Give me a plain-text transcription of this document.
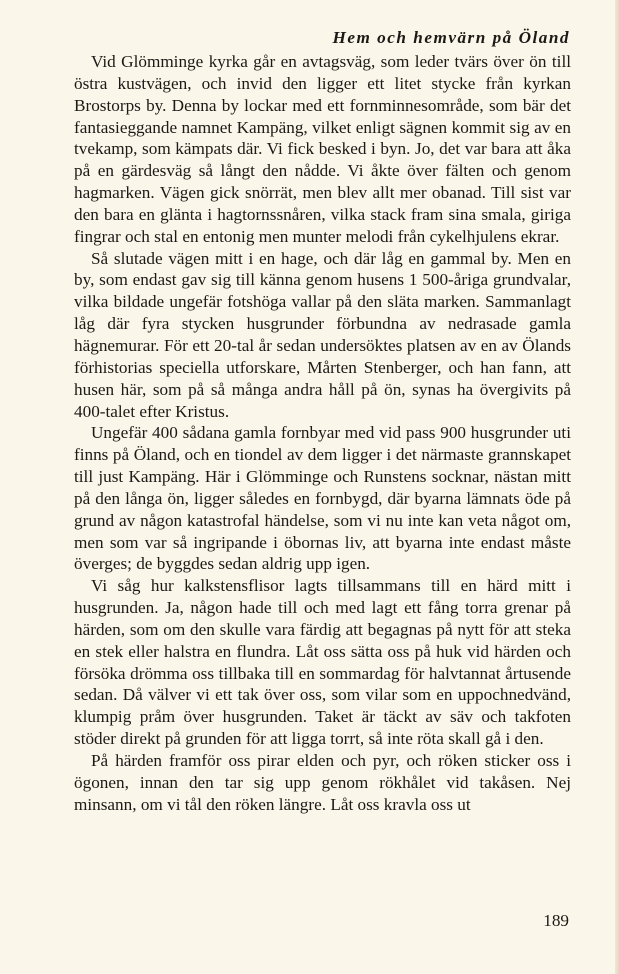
Hem och hemvärn på Öland

Vid Glömminge kyrka går en avtagsväg, som leder tvärs över ön till östra kustvägen, och invid den ligger ett litet stycke från kyrkan Brostorps by. Denna by lockar med ett fornminnesområde, som bär det fantasieggande namnet Kampäng, vilket enligt sägnen kommit sig av en tvekamp, som kämpats där. Vi fick besked i byn. Jo, det var bara att åka på en gärdesväg så långt den nådde. Vi åkte över fälten och genom hagmarken. Vägen gick snörrät, men blev allt mer obanad. Till sist var den bara en glänta i hagtornssnåren, vilka stack fram sina smala, giriga fingrar och stal en entonig men munter melodi från cykelhjulens ekrar.

Så slutade vägen mitt i en hage, och där låg en gammal by. Men en by, som endast gav sig till känna genom husens 1 500-åriga grundvalar, vilka bildade ungefär fotshöga vallar på den släta marken. Sammanlagt låg där fyra stycken husgrunder förbundna av nedrasade gamla hägnemurar. För ett 20-tal år sedan undersöktes platsen av en av Ölands förhistorias speciella utforskare, Mårten Stenberger, och han fann, att husen här, som på så många andra håll på ön, synas ha övergivits på 400-talet efter Kristus.

Ungefär 400 sådana gamla fornbyar med vid pass 900 husgrunder uti finns på Öland, och en tiondel av dem ligger i det närmaste grannskapet till just Kampäng. Här i Glömminge och Runstens socknar, nästan mitt på den långa ön, ligger således en fornbygd, där byarna lämnats öde på grund av någon katastrofal händelse, som vi nu inte kan veta något om, men som var så ingripande i öbornas liv, att byarna inte endast måste överges; de byggdes sedan aldrig upp igen.

Vi såg hur kalkstensflisor lagts tillsammans till en härd mitt i husgrunden. Ja, någon hade till och med lagt ett fång torra grenar på härden, som om den skulle vara färdig att begagnas på nytt för att steka en stek eller halstra en flundra. Låt oss sätta oss på huk vid härden och försöka drömma oss tillbaka till en sommardag för halvtannat årtusende sedan. Då välver vi ett tak över oss, som vilar som en uppochnedvänd, klumpig pråm över husgrunden. Taket är täckt av säv och takfoten stöder direkt på grunden för att ligga torrt, så inte röta skall gå i den.

På härden framför oss pirar elden och pyr, och röken sticker oss i ögonen, innan den tar sig upp genom rökhålet vid takåsen. Nej minsann, om vi tål den röken längre. Låt oss kravla oss ut

189
